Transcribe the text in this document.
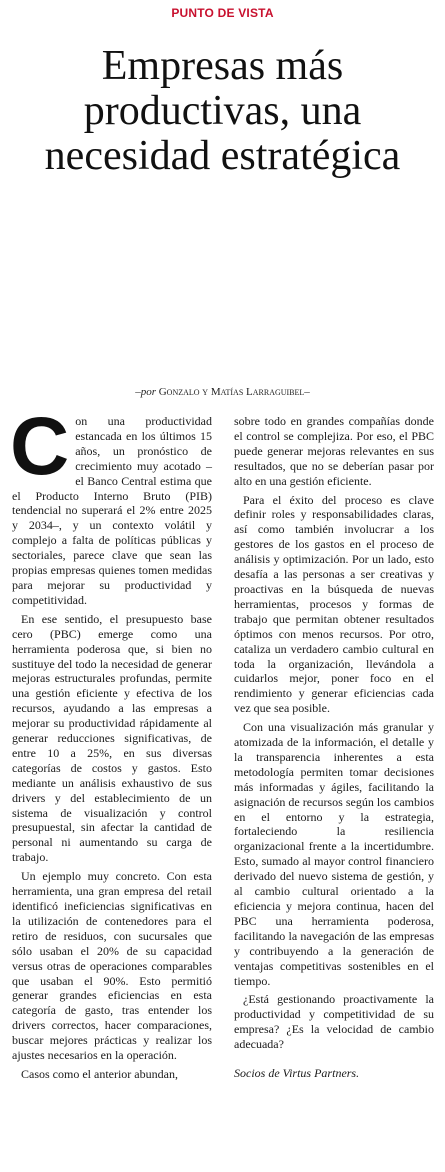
PUNTO DE VISTA
Empresas más productivas, una necesidad estratégica
–por Gonzalo y Matías Larraguibel–

Con una productividad estancada en los últimos 15 años, un pronóstico de crecimiento muy acotado –el Banco Central estima que el Producto Interno Bruto (PIB) tendencial no superará el 2% entre 2025 y 2034–, y un contexto volátil y complejo a falta de políticas públicas y sectoriales, parece clave que sean las propias empresas quienes tomen medidas para mejorar su productividad y competitividad.

En ese sentido, el presupuesto base cero (PBC) emerge como una herramienta poderosa que, si bien no sustituye del todo la necesidad de generar mejoras estructurales profundas, permite una gestión eficiente y efectiva de los recursos, ayudando a las empresas a mejorar su productividad rápidamente al generar reducciones significativas, de entre 10 a 25%, en sus diversas categorías de costos y gastos. Esto mediante un análisis exhaustivo de sus drivers y del establecimiento de un sistema de visualización y control presupuestal, sin afectar la cantidad de personal ni aumentando su carga de trabajo.

Un ejemplo muy concreto. Con esta herramienta, una gran empresa del retail identificó ineficiencias significativas en la utilización de contenedores para el retiro de residuos, con sucursales que sólo usaban el 20% de su capacidad versus otras de operaciones comparables que usaban el 90%. Esto permitió generar grandes eficiencias en esta categoría de gasto, tras entender los drivers correctos, hacer comparaciones, buscar mejores prácticas y realizar los ajustes necesarios en la operación.

Casos como el anterior abundan,

sobre todo en grandes compañías donde el control se complejiza. Por eso, el PBC puede generar mejoras relevantes en sus resultados, que no se deberían pasar por alto en una gestión eficiente.

Para el éxito del proceso es clave definir roles y responsabilidades claras, así como también involucrar a los gestores de los gastos en el proceso de análisis y optimización. Por un lado, esto desafía a las personas a ser creativas y proactivas en la búsqueda de nuevas herramientas, procesos y formas de trabajo que permitan obtener resultados óptimos con menos recursos. Por otro, cataliza un verdadero cambio cultural en toda la organización, llevándola a cuidarlos mejor, poner foco en el rendimiento y generar eficiencias cada vez que sea posible.

Con una visualización más granular y atomizada de la información, el detalle y la transparencia inherentes a esta metodología permiten tomar decisiones más informadas y ágiles, facilitando la asignación de recursos según los cambios en el entorno y la estrategia, fortaleciendo la resiliencia organizacional frente a la incertidumbre. Esto, sumado al mayor control financiero derivado del nuevo sistema de gestión, y al cambio cultural orientado a la eficiencia y mejora continua, hacen del PBC una herramienta poderosa, facilitando la navegación de las empresas y contribuyendo a la generación de ventajas competitivas sostenibles en el tiempo.

¿Está gestionando proactivamente la productividad y competitividad de su empresa? ¿Es la velocidad de cambio adecuada?

Socios de Virtus Partners.
